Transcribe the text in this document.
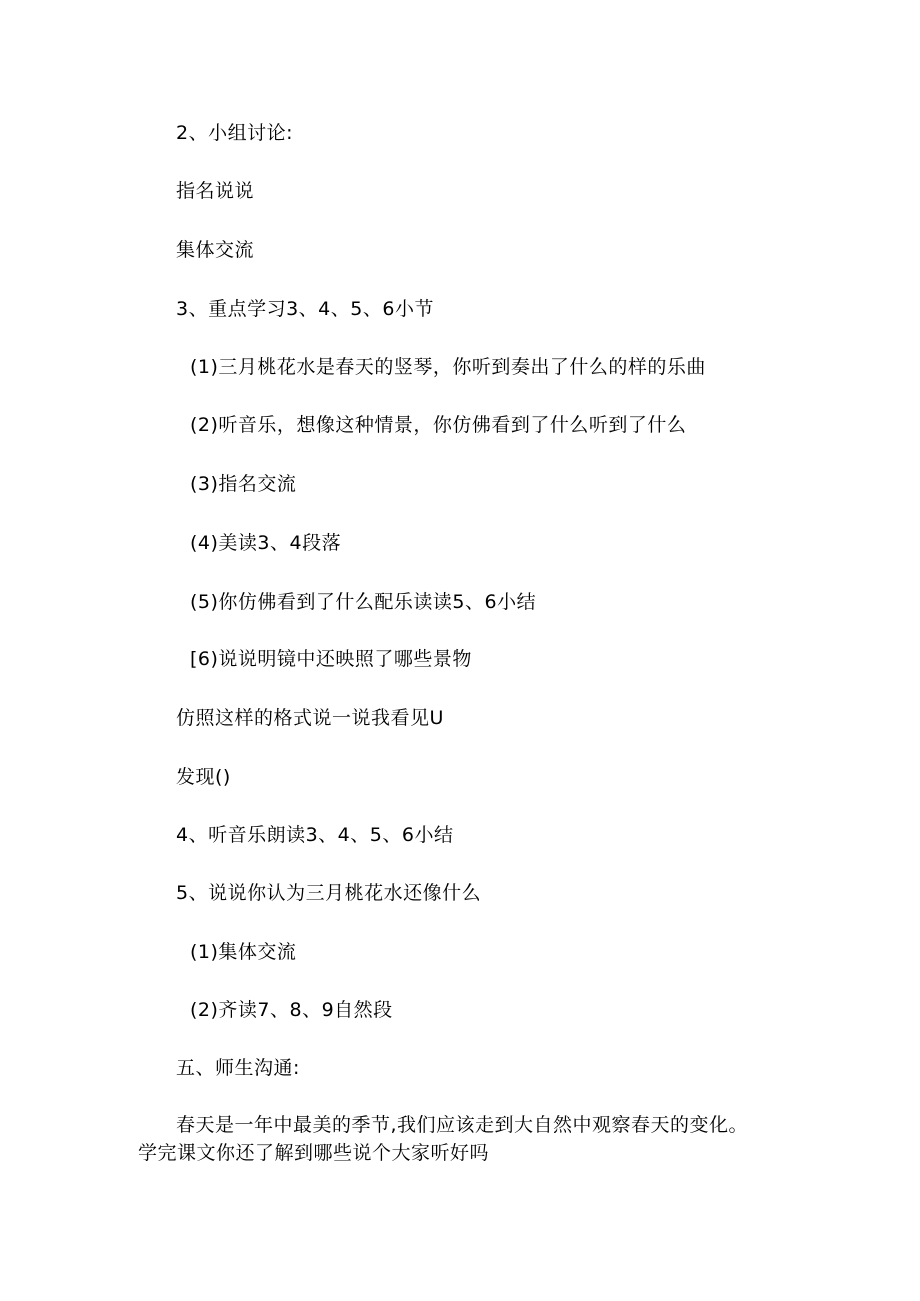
2、小组讨论:
指名说说
集体交流
3、重点学习3、4、5、6小节
(1)三月桃花水是春天的竖琴，你听到奏出了什么的样的乐曲
(2)听音乐，想像这种情景，你仿佛看到了什么听到了什么
(3)指名交流
(4)美读3、4段落
(5)你仿佛看到了什么配乐读读5、6小结
[6)说说明镜中还映照了哪些景物
仿照这样的格式说一说我看见U
发现()
4、听音乐朗读3、4、5、6小结
5、说说你认为三月桃花水还像什么
(1)集体交流
(2)齐读7、8、9自然段
五、师生沟通:
春天是一年中最美的季节,我们应该走到大自然中观察春天的变化。
学完课文你还了解到哪些说个大家听好吗
